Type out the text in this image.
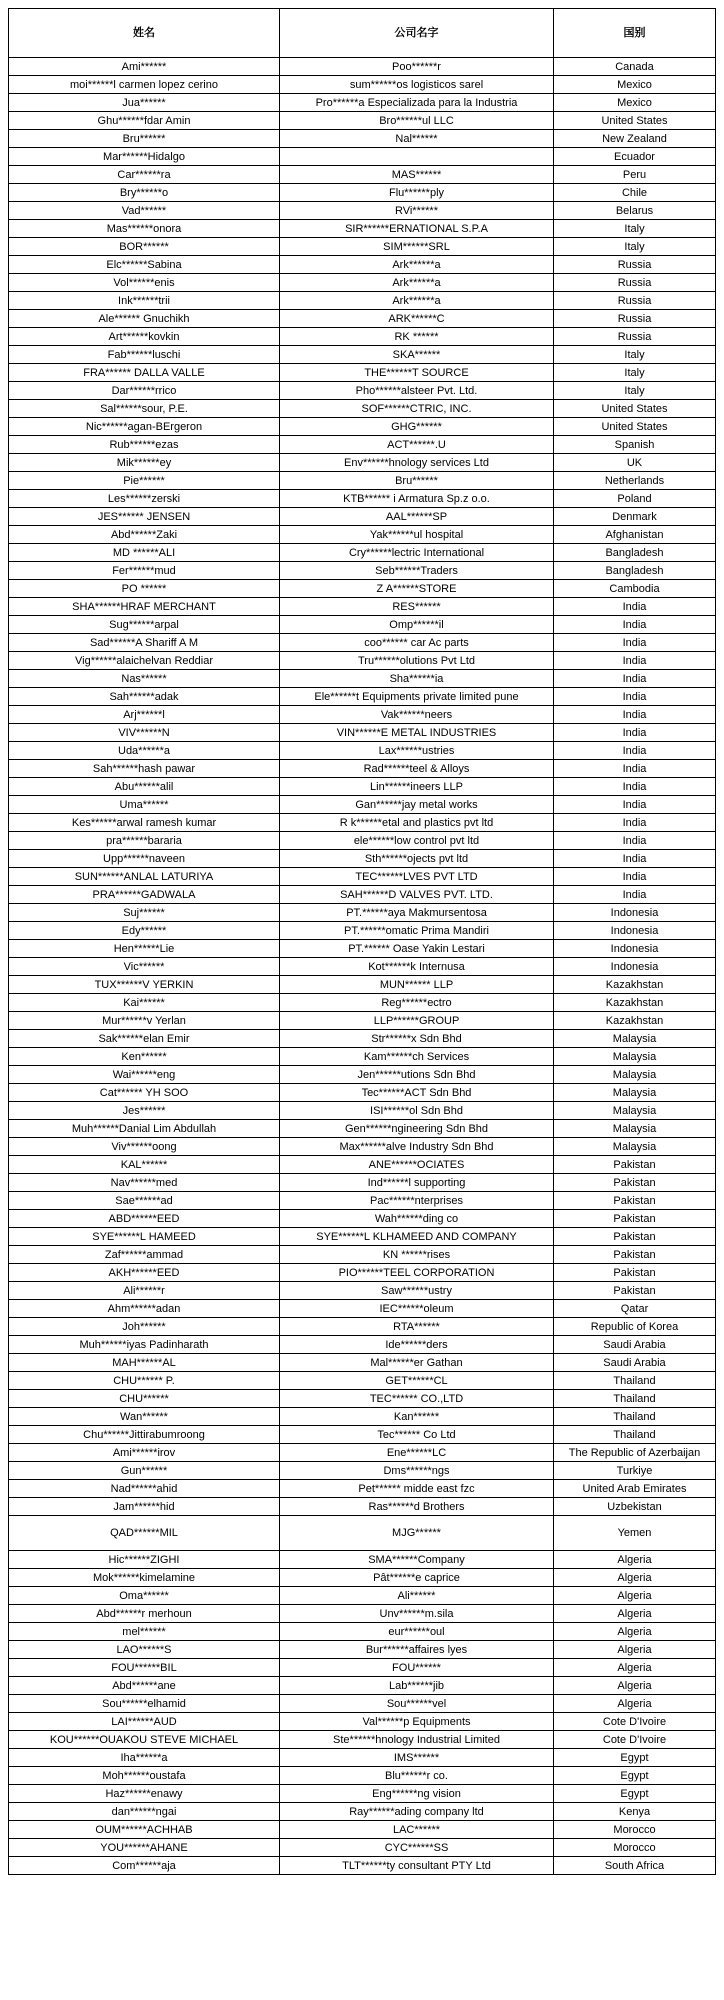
姓名	公司名字	国别
Ami******	Poo******r	Canada
moi******l carmen lopez cerino	sum******os logisticos sarel	Mexico
Jua******	Pro******a Especializada para la Industria	Mexico
Ghu******fdar Amin	Bro******ul LLC	United States
Bru******	Nal******	New Zealand
Mar******Hidalgo		Ecuador
Car******ra	MAS******	Peru
Bry******o	Flu******ply	Chile
Vad******	RVi******	Belarus
Mas******onora	SIR******ERNATIONAL S.P.A	Italy
BOR******	SIM******SRL	Italy
Elc******Sabina	Ark******a	Russia
Vol******enis	Ark******a	Russia
Ink******trii	Ark******a	Russia
Ale****** Gnuchikh	ARK******C	Russia
Art******kovkin	RK ******	Russia
Fab******luschi	SKA******	Italy
FRA****** DALLA VALLE	THE******T SOURCE	Italy
Dar******rrico	Pho******alsteer Pvt. Ltd.	Italy
Sal******sour, P.E.	SOF******CTRIC, INC.	United States
Nic******agan-BErgeron	GHG******	United States
Rub******ezas	ACT******.U	Spanish
Mik******ey	Env******hnology services Ltd	UK
Pie******	Bru******	Netherlands
Les******zerski	KTB****** i Armatura Sp.z o.o.	Poland
JES****** JENSEN	AAL******SP	Denmark
Abd******Zaki	Yak******ul hospital	Afghanistan
MD ******ALI	Cry******lectric International	Bangladesh
Fer******mud	Seb******Traders	Bangladesh
PO ******	Z A******STORE	Cambodia
SHA******HRAF MERCHANT	RES******	India
Sug******arpal	Omp******il	India
Sad******A Shariff A M	coo****** car Ac parts	India
Vig******alaichelvan Reddiar	Tru******olutions Pvt Ltd	India
Nas******	Sha******ia	India
Sah******adak	Ele******t Equipments private limited pune	India
Arj******l	Vak******neers	India
VIV******N	VIN******E METAL INDUSTRIES	India
Uda******a	Lax******ustries	India
Sah******hash pawar	Rad******teel & Alloys	India
Abu******alil	Lin******ineers LLP	India
Uma******	Gan******jay metal works	India
Kes******arwal ramesh kumar	R k******etal and plastics pvt ltd	India
pra******bararia	ele******low control pvt ltd	India
Upp******naveen	Sth******ojects pvt ltd	India
SUN******ANLAL LATURIYA	TEC******LVES PVT LTD	India
PRA******GADWALA	SAH******D VALVES PVT. LTD.	India
Suj******	PT.******aya Makmursentosa	Indonesia
Edy******	PT.******omatic Prima Mandiri	Indonesia
Hen******Lie	PT.****** Oase Yakin Lestari	Indonesia
Vic******	Kot******k Internusa	Indonesia
TUX******V YERKIN	MUN****** LLP	Kazakhstan
Kai******	Reg******ectro	Kazakhstan
Mur******v Yerlan	LLP******GROUP	Kazakhstan
Sak******elan Emir	Str******x Sdn Bhd	Malaysia
Ken******	Kam******ch Services	Malaysia
Wai******eng	Jen******utions Sdn Bhd	Malaysia
Cat****** YH SOO	Tec******ACT Sdn Bhd	Malaysia
Jes******	ISI******ol Sdn Bhd	Malaysia
Muh******Danial Lim Abdullah	Gen******ngineering Sdn Bhd	Malaysia
Viv******oong	Max******alve Industry Sdn Bhd	Malaysia
KAL******	ANE******OCIATES	Pakistan
Nav******med	Ind******l supporting	Pakistan
Sae******ad	Pac******nterprises	Pakistan
ABD******EED	Wah******ding co	Pakistan
SYE******L HAMEED	SYE******L KLHAMEED AND COMPANY	Pakistan
Zaf******ammad	KN ******rises	Pakistan
AKH******EED	PIO******TEEL CORPORATION	Pakistan
Ali******r	Saw******ustry	Pakistan
Ahm******adan	IEC******oleum	Qatar
Joh******	RTA******	Republic of Korea
Muh******iyas Padinharath	Ide******ders	Saudi Arabia
MAH******AL	Mal******er Gathan	Saudi Arabia
CHU****** P.	GET******CL	Thailand
CHU******	TEC****** CO.,LTD	Thailand
Wan******	Kan******	Thailand
Chu******Jittirabumroong	Tec****** Co Ltd	Thailand
Ami******irov	Ene******LC	The Republic of Azerbaijan
Gun******	Dms******ngs	Turkiye
Nad******ahid	Pet****** midde east fzc	United Arab Emirates
Jam******hid	Ras******d Brothers	Uzbekistan
QAD******MIL	MJG******	Yemen
Hic******ZIGHI	SMA******Company	Algeria
Mok******kimelamine	Pât******e caprice	Algeria
Oma******	Ali******	Algeria
Abd******r merhoun	Unv******m.sila	Algeria
mel******	eur******oul	Algeria
LAO******S	Bur******affaires lyes	Algeria
FOU******BIL	FOU******	Algeria
Abd******ane	Lab******jib	Algeria
Sou******elhamid	Sou******vel	Algeria
LAI******AUD	Val******p Equipments	Cote D'Ivoire
KOU******OUAKOU STEVE MICHAEL	Ste******hnology Industrial Limited	Cote D'Ivoire
Iha******a	IMS******	Egypt
Moh******oustafa	Blu******r co.	Egypt
Haz******enawy	Eng******ng vision	Egypt
dan******ngai	Ray******ading company ltd	Kenya
OUM******ACHHAB	LAC******	Morocco
YOU******AHANE	CYC******SS	Morocco
Com******aja	TLT******ty consultant PTY Ltd	South Africa
